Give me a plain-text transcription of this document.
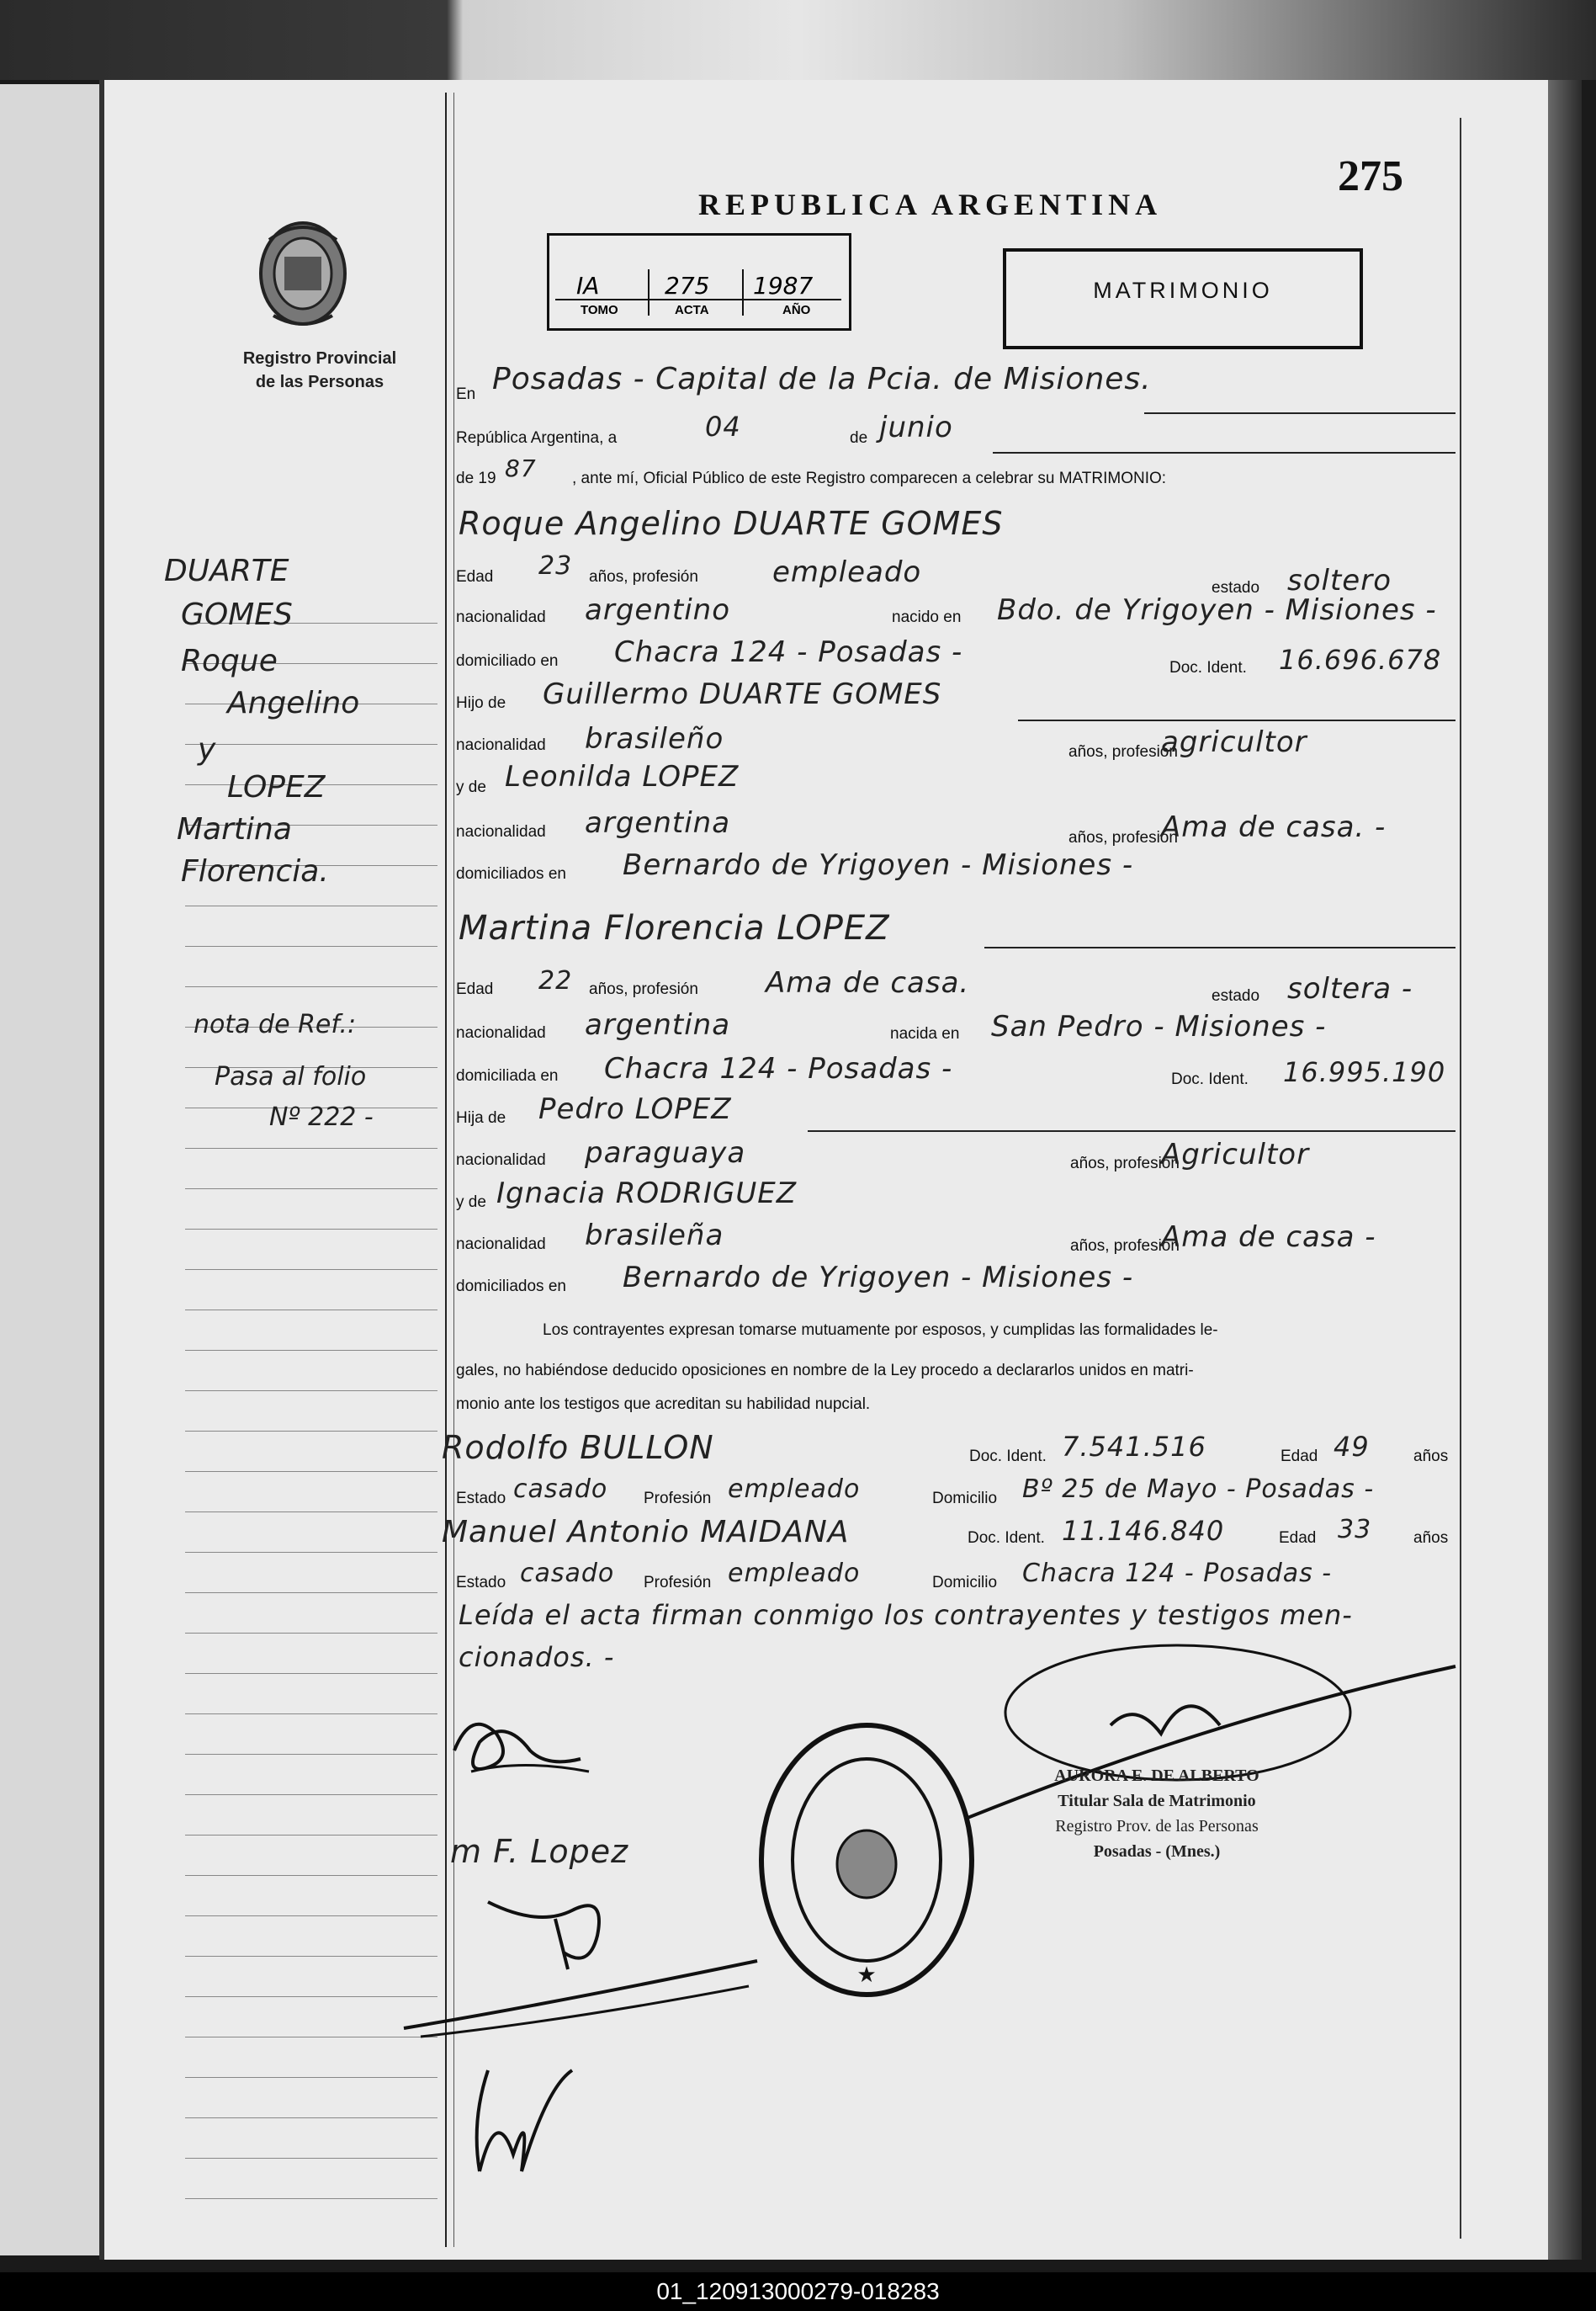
275
REPUBLICA ARGENTINA
Registro Provincial
de las Personas
IA	275 1987
TOMO	ACTA	AÑO
MATRIMONIO
DUARTE
GOMES
Roque
Angelino
y
LOPEZ
Martina
Florencia.
nota de Ref.:
Pasa al folio
Nº 222 -
En Posadas - Capital de la Pcia. de Misiones.
República Argentina, a	04	de junio
de 19 87 , ante mí, Oficial Público de este Registro comparecen a celebrar su MATRIMONIO:
Roque Angelino DUARTE GOMES
Edad 23 años, profesión	empleado	estado soltero
nacionalidad argentino	nacido en Bdo. de Yrigoyen - Misiones -
domiciliado en Chacra 124 - Posadas -	Doc. Ident. 16.696.678
Hijo de Guillermo DUARTE GOMES
nacionalidad brasileño	años, profesión
agricultor
y de Leonilda LOPEZ
nacionalidad argentina	años, profesión
Ama de casa. -
domiciliados en Bernardo de Yrigoyen - Misiones -
Martina Florencia LOPEZ
Edad 22 años, profesión Ama de casa.	estado soltera -
nacionalidad argentina	nacida en San Pedro - Misiones -
domiciliada en Chacra 124 - Posadas -	Doc. Ident. 16.995.190
Hija de Pedro LOPEZ
nacionalidad paraguaya	años, profesión
Agricultor
y de Ignacia RODRIGUEZ
nacionalidad brasileña	años, profesión
Ama de casa -
domiciliados en Bernardo de Yrigoyen - Misiones -
Los contrayentes expresan tomarse mutuamente por esposos, y cumplidas las formalidades le-
gales, no habiéndose deducido oposiciones en nombre de la Ley procedo a declararlos unidos en matri-
monio ante los testigos que acreditan su habilidad nupcial.
Rodolfo BULLON	Doc. Ident. 7.541.516	Edad 49	años
Estado casado Profesión empleado	Domicilio Bº 25 de Mayo - Posadas -
Manuel Antonio MAIDANA	Doc. Ident. 11.146.840	Edad 33	años
Estado casado Profesión empleado	Domicilio Chacra 124 - Posadas -
Leída el acta firman conmigo los contrayentes y testigos men-
cionados. -
m F. Lopez
★
AURORA E. DE ALBERTO
Titular Sala de Matrimonio
Registro Prov. de las Personas
Posadas - (Mnes.)
01_120913000279-018283
